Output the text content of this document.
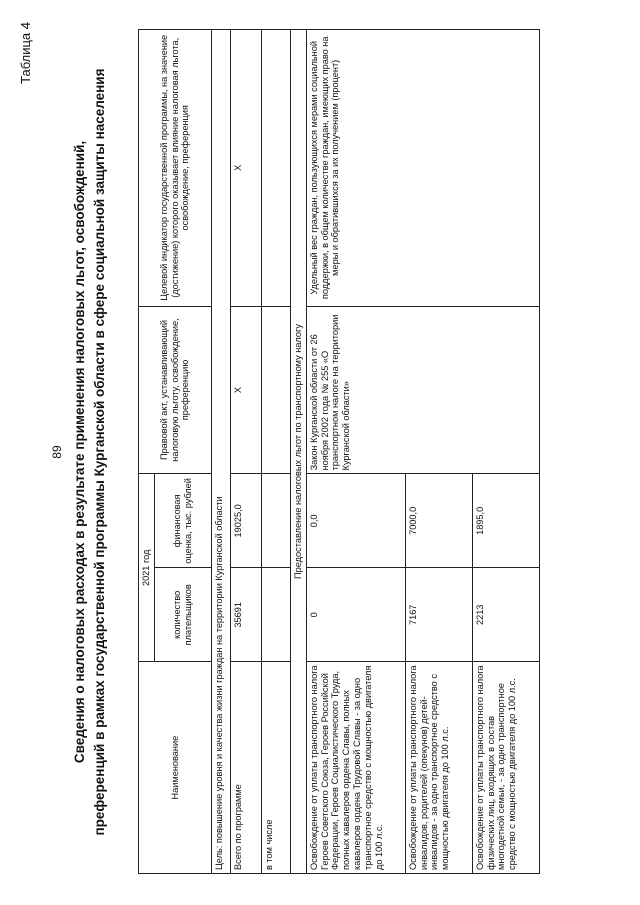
89
Таблица 4
Сведения о налоговых расходах в результате применения налоговых льгот, освобождений, преференций в рамках государственной программы Курганской области в сфере социальной защиты населения	Наименование	2021 год		Правовой акт, устанавливающий налоговую льготу, освобождение, преференцию	Целевой индикатор государственной программы, на значение (достижение) которого оказывает влияние налоговая льгота, освобождение, преференция
	количество плательщиков	финансовая оценка, тыс. рублей		
Цель: повышение уровня и качества жизни граждан на территории Курганской области				
Всего по программе	35691	19025,0	Х	Х
в том числе				
Предоставление налоговых льгот по транспортному налогу				
Освобождение от уплаты транспортного налога Героев Советского Союза, Героев Российской Федерации, Героев Социалистического Труда, полных кавалеров ордена Славы, полных кавалеров ордена Трудовой Славы - за одно транспортное средство с мощностью двигателя до 100 л.с.	0	0,0	Закон Курганской области от 26 ноября 2002 года № 255 «О транспортном налоге на территории Курганской области»	Удельный вес граждан, пользующихся мерами социальной поддержки, в общем количестве граждан, имеющих право на меры и обратившихся за их получением (процент)
Освобождение от уплаты транспортного налога инвалидов, родителей (опекунов) детей-инвалидов - за одно транспортное средство с мощностью двигателя до 100 л.с.	7167	7000,0		
Освобождение от уплаты транспортного налога физических лиц, входящих в состав многодетной семьи, - за одно транспортное средство с мощностью двигателя до 100 л.с.	2213	1895,0		
